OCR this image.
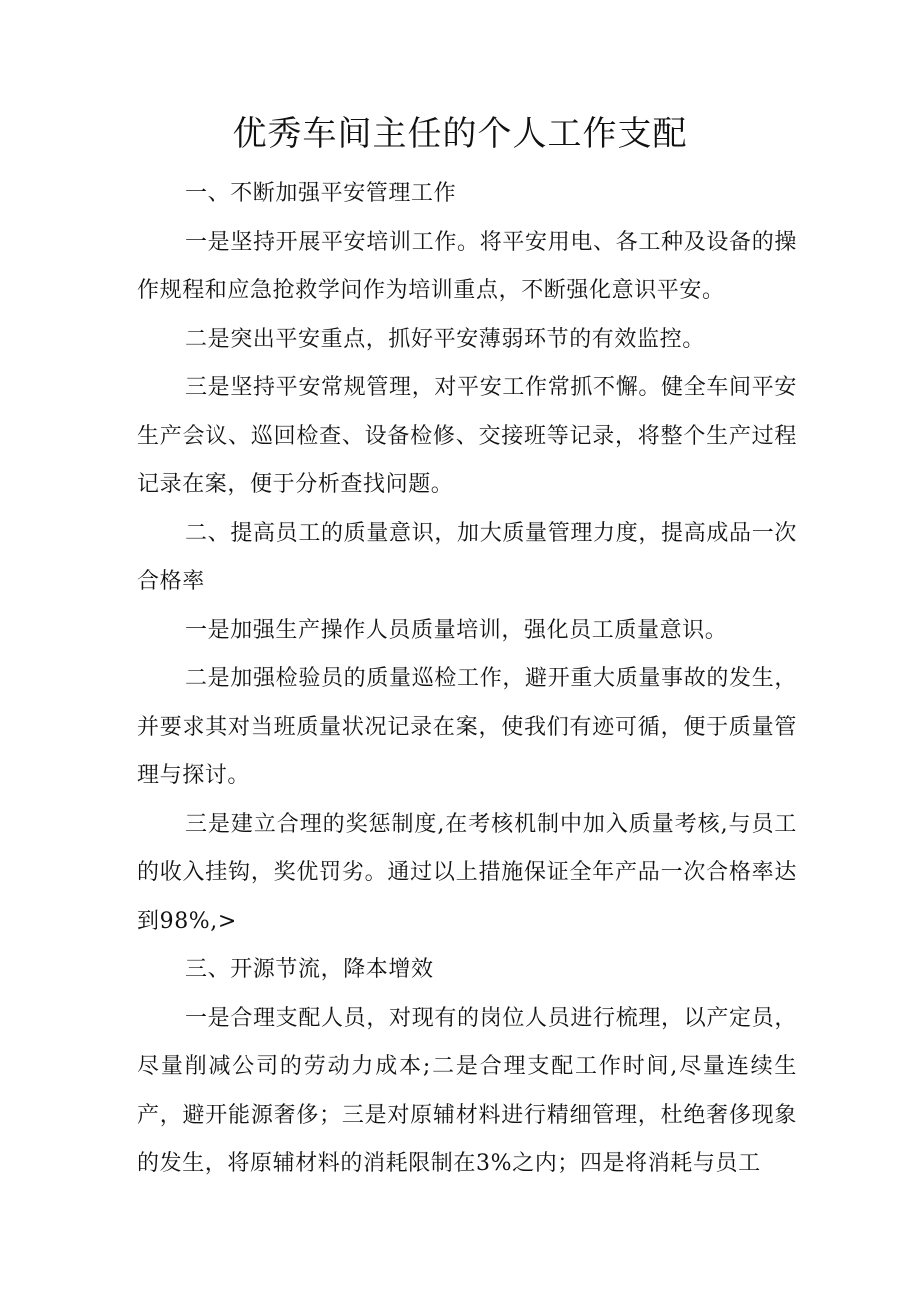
优秀车间主任的个人工作支配

一、不断加强平安管理工作

一是坚持开展平安培训工作。将平安用电、各工种及设备的操作规程和应急抢救学问作为培训重点，不断强化意识平安。

二是突出平安重点，抓好平安薄弱环节的有效监控。

三是坚持平安常规管理，对平安工作常抓不懈。健全车间平安生产会议、巡回检查、设备检修、交接班等记录，将整个生产过程记录在案，便于分析查找问题。

二、提高员工的质量意识，加大质量管理力度，提高成品一次合格率

一是加强生产操作人员质量培训，强化员工质量意识。

二是加强检验员的质量巡检工作，避开重大质量事故的发生，并要求其对当班质量状况记录在案，使我们有迹可循，便于质量管理与探讨。

三是建立合理的奖惩制度,在考核机制中加入质量考核,与员工的收入挂钩，奖优罚劣。通过以上措施保证全年产品一次合格率达到98%,>

三、开源节流，降本增效

一是合理支配人员，对现有的岗位人员进行梳理，以产定员，尽量削减公司的劳动力成本;二是合理支配工作时间,尽量连续生产，避开能源奢侈；三是对原辅材料进行精细管理，杜绝奢侈现象的发生，将原辅材料的消耗限制在3%之内；四是将消耗与员工
